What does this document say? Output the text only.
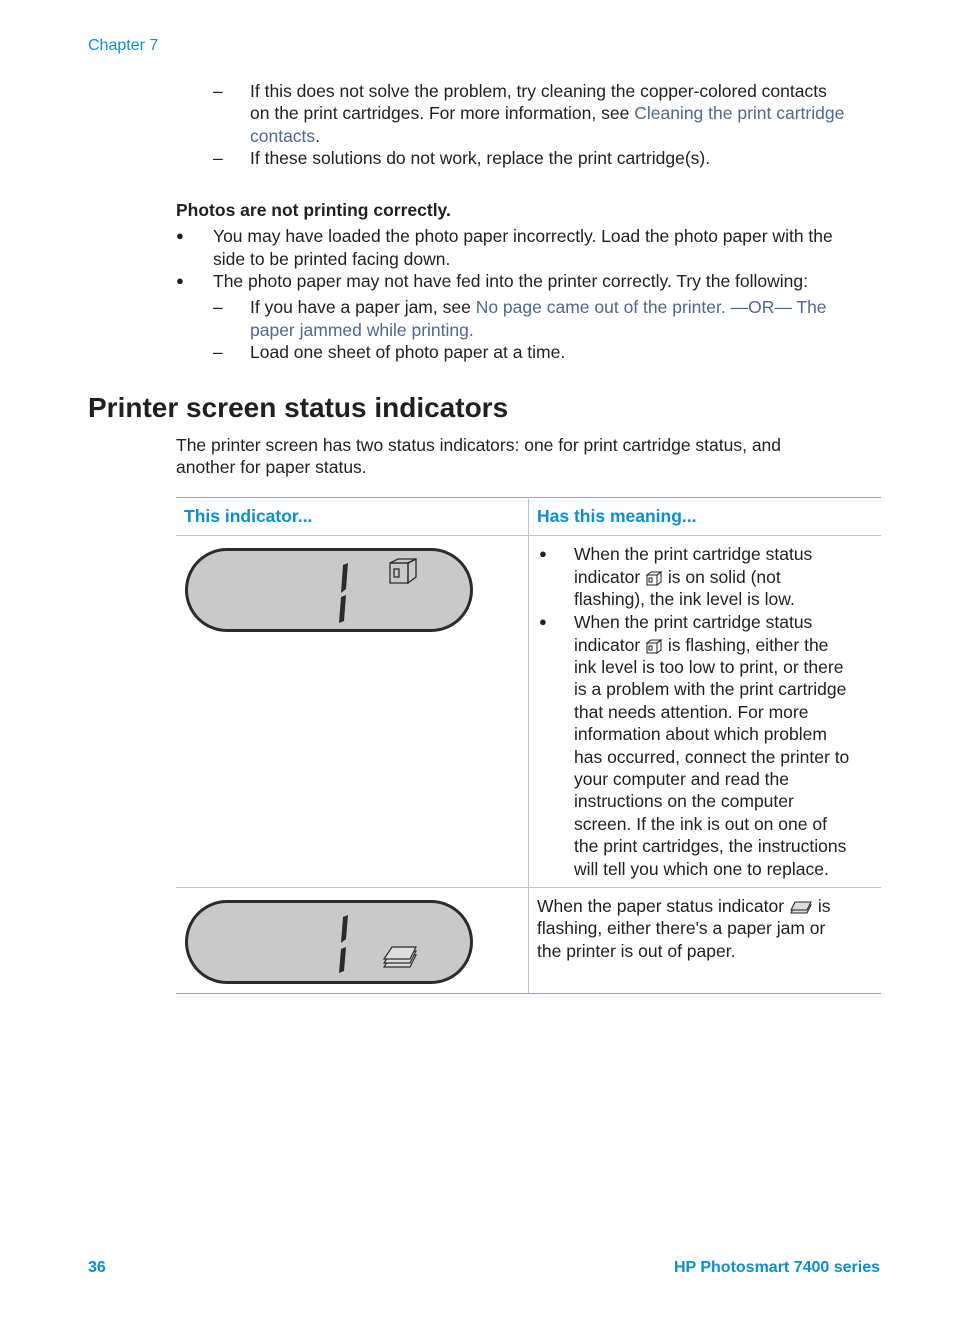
Chapter 7
– If this does not solve the problem, try cleaning the copper-colored contacts
on the print cartridges. For more information, see Cleaning the print cartridge
contacts.
– If these solutions do not work, replace the print cartridge(s).
Photos are not printing correctly.
● You may have loaded the photo paper incorrectly. Load the photo paper with the
side to be printed facing down.
● The photo paper may not have fed into the printer correctly. Try the following:
– If you have a paper jam, see No page came out of the printer. —OR— The
paper jammed while printing.
– Load one sheet of photo paper at a time.
Printer screen status indicators
The printer screen has two status indicators: one for print cartridge status, and
another for paper status.
This indicator...	Has this meaning...
● When the print cartridge status
indicator is on solid (not
flashing), the ink level is low.
● When the print cartridge status
indicator is flashing, either the
ink level is too low to print, or there
is a problem with the print cartridge
that needs attention. For more
information about which problem
has occurred, connect the printer to
your computer and read the
instructions on the computer
screen. If the ink is out on one of
the print cartridges, the instructions
will tell you which one to replace.
When the paper status indicator is
flashing, either there's a paper jam or
the printer is out of paper.
36	HP Photosmart 7400 series
